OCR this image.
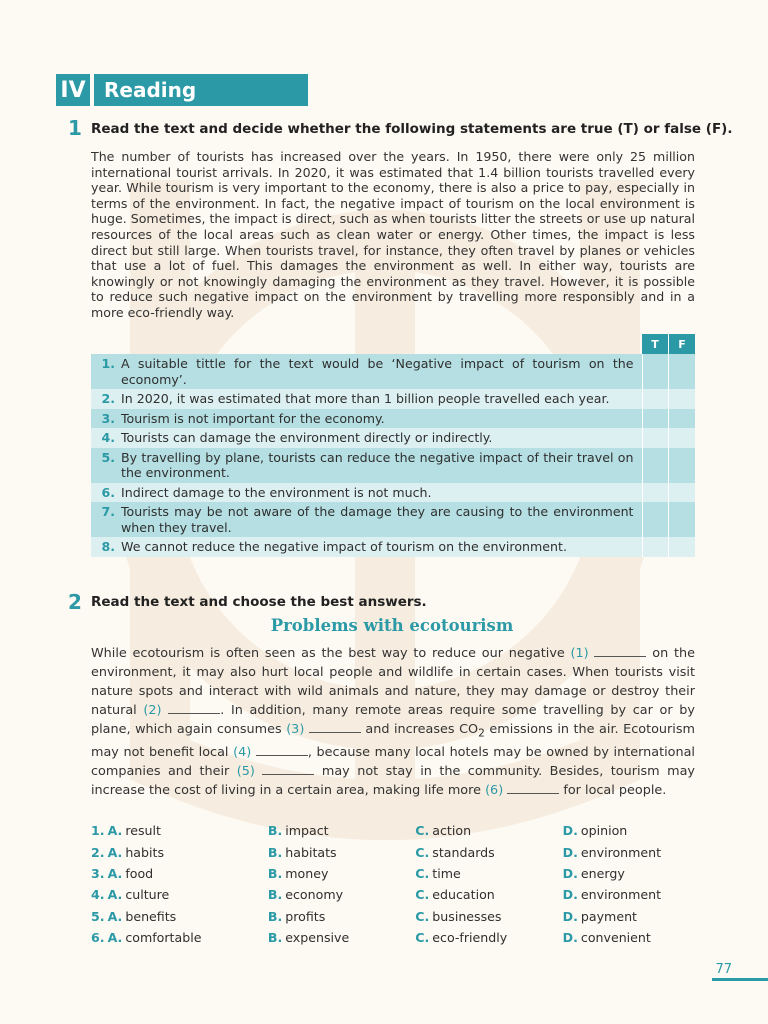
IV Reading
1 Read the text and decide whether the following statements are true (T) or false (F).
The number of tourists has increased over the years. In 1950, there were only 25 million international tourist arrivals. In 2020, it was estimated that 1.4 billion tourists travelled every year. While tourism is very important to the economy, there is also a price to pay, especially in terms of the environment. In fact, the negative impact of tourism on the local environment is huge. Sometimes, the impact is direct, such as when tourists litter the streets or use up natural resources of the local areas such as clean water or energy. Other times, the impact is less direct but still large. When tourists travel, for instance, they often travel by planes or vehicles that use a lot of fuel. This damages the environment as well. In either way, tourists are knowingly or not knowingly damaging the environment as they travel. However, it is possible to reduce such negative impact on the environment by travelling more responsibly and in a more eco-friendly way.
	T	F

1. A suitable tittle for the text would be ‘Negative impact of tourism on the economy’.		

2. In 2020, it was estimated that more than 1 billion people travelled each year.		

3. Tourism is not important for the economy.		

4. Tourists can damage the environment directly or indirectly.		

5. By travelling by plane, tourists can reduce the negative impact of their travel on the environment.		

6. Indirect damage to the environment is not much.		

7. Tourists may be not aware of the damage they are causing to the environment when they travel.		

8. We cannot reduce the negative impact of tourism on the environment.		

2 Read the text and choose the best answers.
Problems with ecotourism
While ecotourism is often seen as the best way to reduce our negative (1)	on the environment, it may also hurt local people and wildlife in certain cases. When tourists visit nature spots and interact with wild animals and nature, they may damage or destroy their natural (2)	. In addition, many remote areas require some travelling by car or by plane, which again consumes (3)	and increases $CO_2$ emissions in the air. Ecotourism may not benefit local (4)	, because many local hotels may be owned by international companies and their (5)	may not stay in the community. Besides, tourism may increase the cost of living in a certain area, making life more (6)	for local people.
1. A. result	B. impact	C. action	D. opinion
2. A. habits	B. habitats	C. standards	D. environment
3. A. food	B. money	C. time	D. energy
4. A. culture	B. economy	C. education	D. environment
5. A. benefits	B. profits	C. businesses	D. payment
6. A. comfortable	B. expensive	C. eco-friendly	D. convenient
77
